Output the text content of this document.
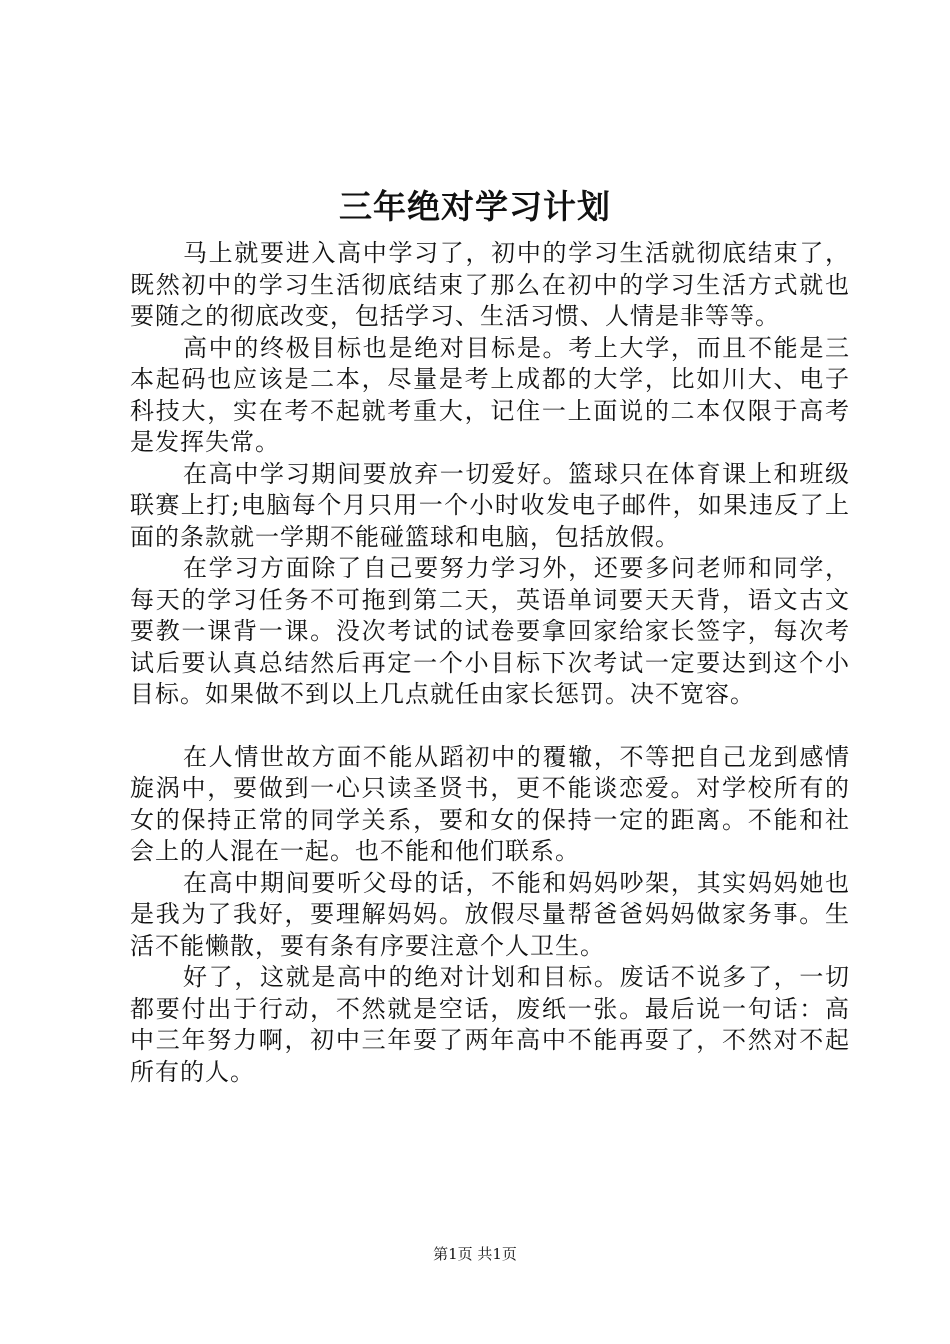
三年绝对学习计划

马上就要进入高中学习了，初中的学习生活就彻底结束了，既然初中的学习生活彻底结束了那么在初中的学习生活方式就也要随之的彻底改变，包括学习、生活习惯、人情是非等等。

高中的终极目标也是绝对目标是。考上大学，而且不能是三本起码也应该是二本，尽量是考上成都的大学，比如川大、电子科技大，实在考不起就考重大，记住一上面说的二本仅限于高考是发挥失常。

在高中学习期间要放弃一切爱好。篮球只在体育课上和班级联赛上打;电脑每个月只用一个小时收发电子邮件，如果违反了上面的条款就一学期不能碰篮球和电脑，包括放假。

在学习方面除了自己要努力学习外，还要多问老师和同学，每天的学习任务不可拖到第二天，英语单词要天天背，语文古文要教一课背一课。没次考试的试卷要拿回家给家长签字，每次考试后要认真总结然后再定一个小目标下次考试一定要达到这个小目标。如果做不到以上几点就任由家长惩罚。决不宽容。

在人情世故方面不能从蹈初中的覆辙，不等把自己龙到感情旋涡中，要做到一心只读圣贤书，更不能谈恋爱。对学校所有的女的保持正常的同学关系，要和女的保持一定的距离。不能和社会上的人混在一起。也不能和他们联系。

在高中期间要听父母的话，不能和妈妈吵架，其实妈妈她也是我为了我好，要理解妈妈。放假尽量帮爸爸妈妈做家务事。生活不能懒散，要有条有序要注意个人卫生。

好了，这就是高中的绝对计划和目标。废话不说多了，一切都要付出于行动，不然就是空话，废纸一张。最后说一句话：高中三年努力啊，初中三年耍了两年高中不能再耍了，不然对不起所有的人。

第1页 共1页
